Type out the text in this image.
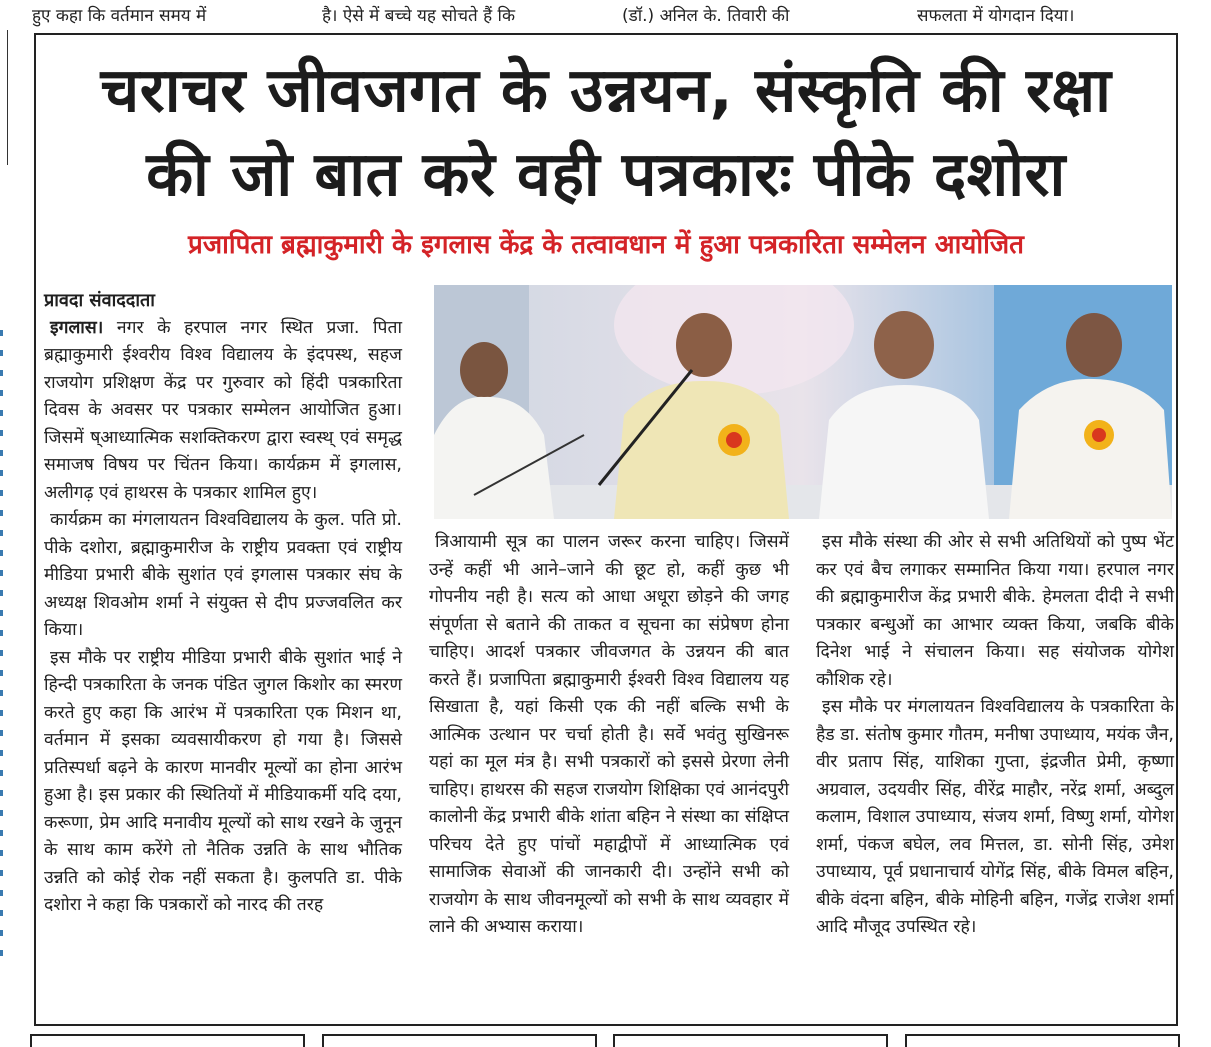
हुए कहा कि वर्तमान समय में	है। ऐसे में बच्चे यह सोचते हैं कि	(डॉ.) अनिल के. तिवारी की	सफलता में योगदान दिया।
चराचर जीवजगत के उन्नयन, संस्कृति की रक्षा
की जो बात करे वही पत्रकारः पीके दशोरा
प्रजापिता ब्रह्माकुमारी के इगलास केंद्र के तत्वावधान में हुआ पत्रकारिता सम्मेलन आयोजित
प्रावदा संवाददाता

इगलास। नगर के हरपाल नगर स्थित प्रजा. पिता ब्रह्माकुमारी ईश्वरीय विश्व विद्यालय के इंदपस्थ, सहज राजयोग प्रशिक्षण केंद्र पर गुरुवार को हिंदी पत्रकारिता दिवस के अवसर पर पत्रकार सम्मेलन आयोजित हुआ। जिसमें ष्आध्यात्मिक सशक्तिकरण द्वारा स्वस्थ् एवं समृद्ध समाजष विषय पर चिंतन किया। कार्यक्रम में इगलास, अलीगढ़ एवं हाथरस के पत्रकार शामिल हुए।

कार्यक्रम का मंगलायतन विश्वविद्यालय के कुल. पति प्रो. पीके दशोरा, ब्रह्माकुमारीज के राष्ट्रीय प्रवक्ता एवं राष्ट्रीय मीडिया प्रभारी बीके सुशांत एवं इगलास पत्रकार संघ के अध्यक्ष शिवओम शर्मा ने संयुक्त से दीप प्रज्जवलित कर किया।

इस मौके पर राष्ट्रीय मीडिया प्रभारी बीके सुशांत भाई ने हिन्दी पत्रकारिता के जनक पंडित जुगल किशोर का स्मरण करते हुए कहा कि आरंभ में पत्रकारिता एक मिशन था, वर्तमान में इसका व्यवसायीकरण हो गया है। जिससे प्रतिस्पर्धा बढ़ने के कारण मानवीर मूल्यों का होना आरंभ हुआ है। इस प्रकार की स्थितियों में मीडियाकर्मी यदि दया, करूणा, प्रेम आदि मनावीय मूल्यों को साथ रखने के जुनून के साथ काम करेंगे तो नैतिक उन्नति के साथ भौतिक उन्नति को कोई रोक नहीं सकता है। कुलपति डा. पीके दशोरा ने कहा कि पत्रकारों को नारद की तरह

त्रिआयामी सूत्र का पालन जरूर करना चाहिए। जिसमें उन्हें कहीं भी आने–जाने की छूट हो, कहीं कुछ भी गोपनीय नही है। सत्य को आधा अधूरा छोड़ने की जगह संपूर्णता से बताने की ताकत व सूचना का संप्रेषण होना चाहिए। आदर्श पत्रकार जीवजगत के उन्नयन की बात करते हैं। प्रजापिता ब्रह्माकुमारी ईश्वरी विश्व विद्यालय यह सिखाता है, यहां किसी एक की नहीं बल्कि सभी के आत्मिक उत्थान पर चर्चा होती है। सर्वे भवंतु सुखिनरू यहां का मूल मंत्र है। सभी पत्रकारों को इससे प्रेरणा लेनी चाहिए। हाथरस की सहज राजयोग शिक्षिका एवं आनंदपुरी कालोनी केंद्र प्रभारी बीके शांता बहिन ने संस्था का संक्षिप्त परिचय देते हुए पांचों महाद्वीपों में आध्यात्मिक एवं सामाजिक सेवाओं की जानकारी दी। उन्होंने सभी को राजयोग के साथ जीवनमूल्यों को सभी के साथ व्यवहार में लाने की अभ्यास कराया।

इस मौके संस्था की ओर से सभी अतिथियों को पुष्प भेंट कर एवं बैच लगाकर सम्मानित किया गया। हरपाल नगर की ब्रह्माकुमारीज केंद्र प्रभारी बीके. हेमलता दीदी ने सभी पत्रकार बन्धुओं का आभार व्यक्त किया, जबकि बीके दिनेश भाई ने संचालन किया। सह संयोजक योगेश कौशिक रहे।

इस मौके पर मंगलायतन विश्वविद्यालय के पत्रकारिता के हैड डा. संतोष कुमार गौतम, मनीषा उपाध्याय, मयंक जैन, वीर प्रताप सिंह, याशिका गुप्ता, इंद्रजीत प्रेमी, कृष्णा अग्रवाल, उदयवीर सिंह, वीरेंद्र माहौर, नरेंद्र शर्मा, अब्दुल कलाम, विशाल उपाध्याय, संजय शर्मा, विष्णु शर्मा, योगेश शर्मा, पंकज बघेल, लव मित्तल, डा. सोनी सिंह, उमेश उपाध्याय, पूर्व प्रधानाचार्य योगेंद्र सिंह, बीके विमल बहिन, बीके वंदना बहिन, बीके मोहिनी बहिन, गजेंद्र राजेश शर्मा आदि मौजूद उपस्थित रहे।
